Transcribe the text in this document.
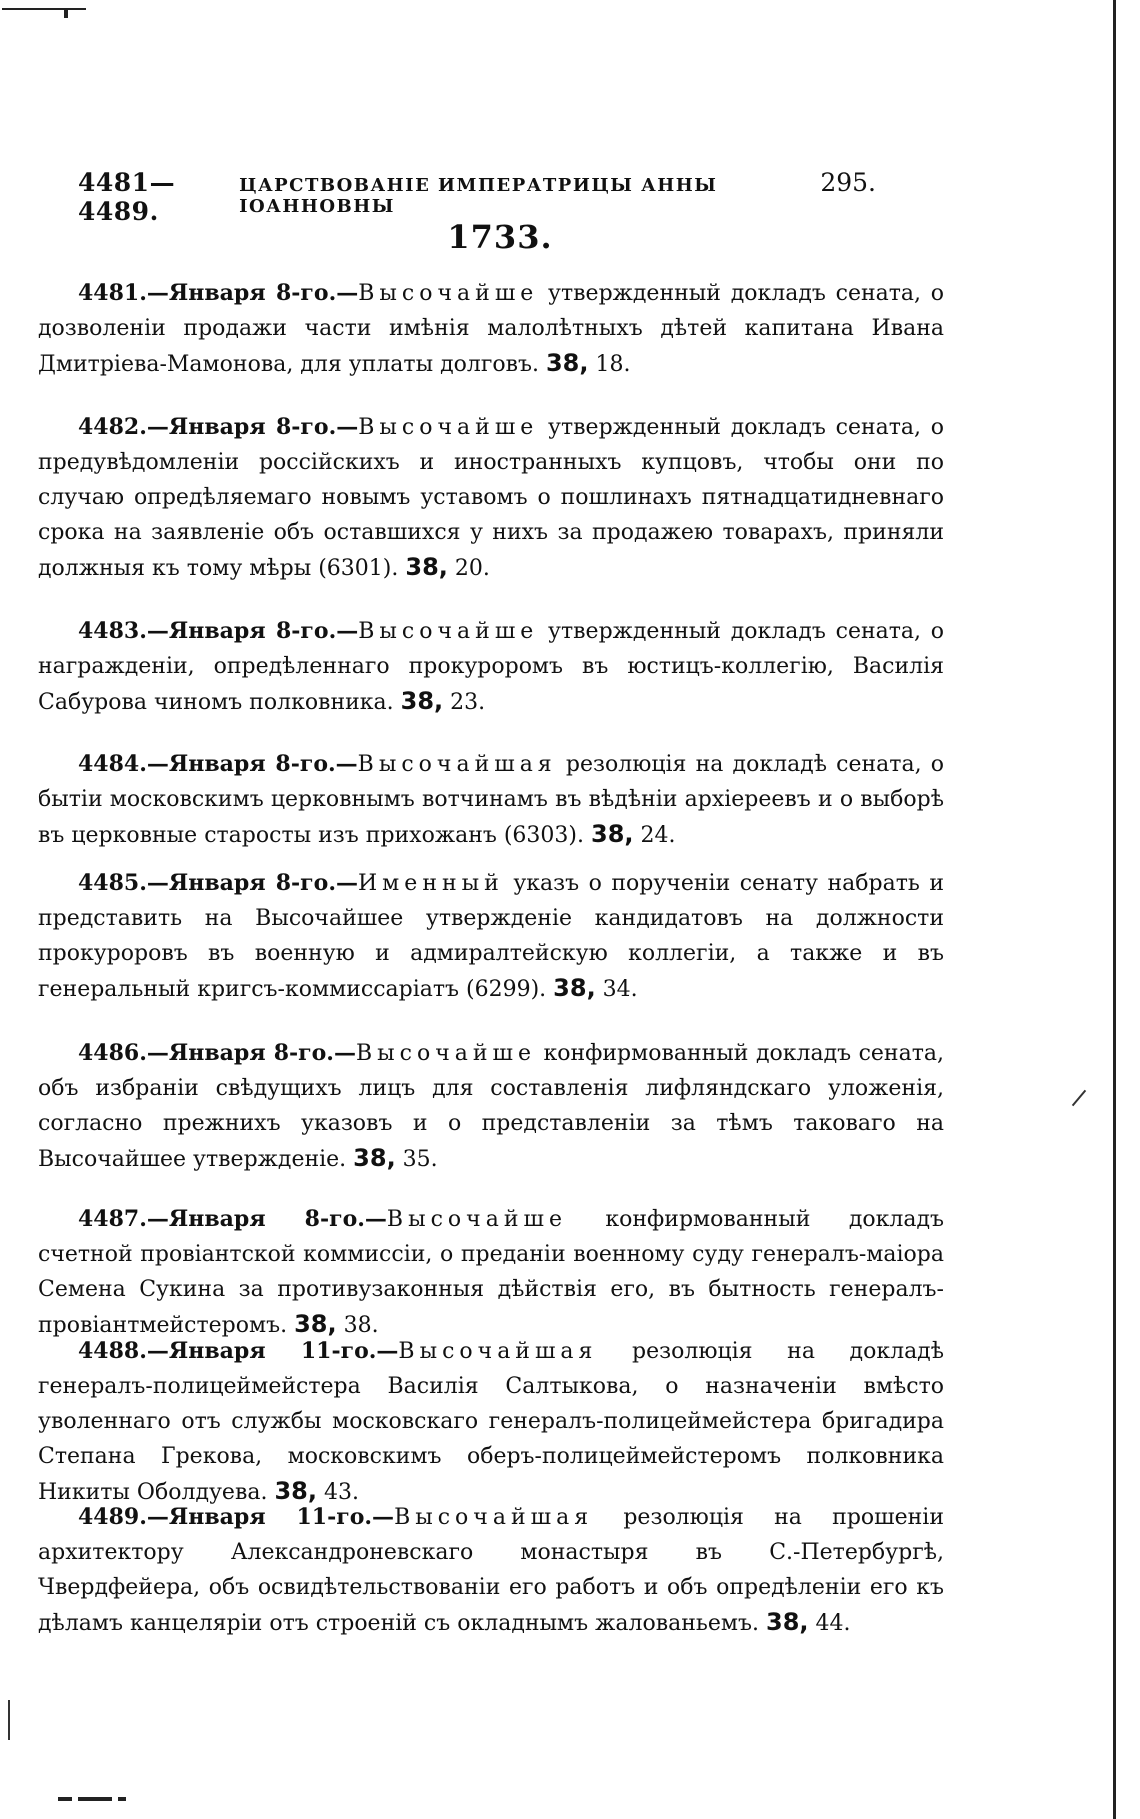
4481—4489.
ЦАРСТВОВАНІЕ ИМПЕРАТРИЦЫ АННЫ ІОАННОВНЫ
295.
1733.

4481.—Января 8-го.—Высочайше утвержденный докладъ сената, о дозволеніи продажи части имѣнія малолѣтныхъ дѣтей капитана Ивана Дмитріева-Мамонова, для уплаты долговъ. 38, 18.

4482.—Января 8-го.—Высочайше утвержденный докладъ сената, о предувѣдомленіи россійскихъ и иностранныхъ купцовъ, чтобы они по случаю опредѣляемаго новымъ уставомъ о пошлинахъ пятнадцатидневнаго срока на заявленіе объ оставшихся у нихъ за продажею товарахъ, приняли должныя къ тому мѣры (6301). 38, 20.

4483.—Января 8-го.—Высочайше утвержденный докладъ сената, о награжденіи, опредѣленнаго прокуроромъ въ юстицъ-коллегію, Василія Сабурова чиномъ полковника. 38, 23.

4484.—Января 8-го.—Высочайшая резолюція на докладѣ сената, о бытіи московскимъ церковнымъ вотчинамъ въ вѣдѣніи архіереевъ и о выборѣ въ церковные старосты изъ прихожанъ (6303). 38, 24.

4485.—Января 8-го.—Именный указъ о порученіи сенату набрать и представить на Высочайшее утвержденіе кандидатовъ на должности прокуроровъ въ военную и адмиралтейскую коллегіи, а также и въ генеральный кригсъ-коммиссаріатъ (6299). 38, 34.

4486.—Января 8-го.—Высочайше конфирмованный докладъ сената, объ избраніи свѣдущихъ лицъ для составленія лифляндскаго уложенія, согласно прежнихъ указовъ и о представленіи за тѣмъ таковаго на Высочайшее утвержденіе. 38, 35.

4487.—Января 8-го.—Высочайше конфирмованный докладъ счетной провіантской коммиссіи, о преданіи военному суду генералъ-маіора Семена Сукина за противузаконныя дѣйствія его, въ бытность генералъ-провіантмейстеромъ. 38, 38.

4488.—Января 11-го.—Высочайшая резолюція на докладѣ генералъ-полицеймейстера Василія Салтыкова, о назначеніи вмѣсто уволеннаго отъ службы московскаго генералъ-полицеймейстера бригадира Степана Грекова, московскимъ оберъ-полицеймейстеромъ полковника Никиты Оболдуева. 38, 43.

4489.—Января 11-го.—Высочайшая резолюція на прошеніи архитектору Александроневскаго монастыря въ С.-Петербургѣ, Чвердфейера, объ освидѣтельствованіи его работъ и объ опредѣленіи его къ дѣламъ канцеляріи отъ строеній съ окладнымъ жалованьемъ. 38, 44.
